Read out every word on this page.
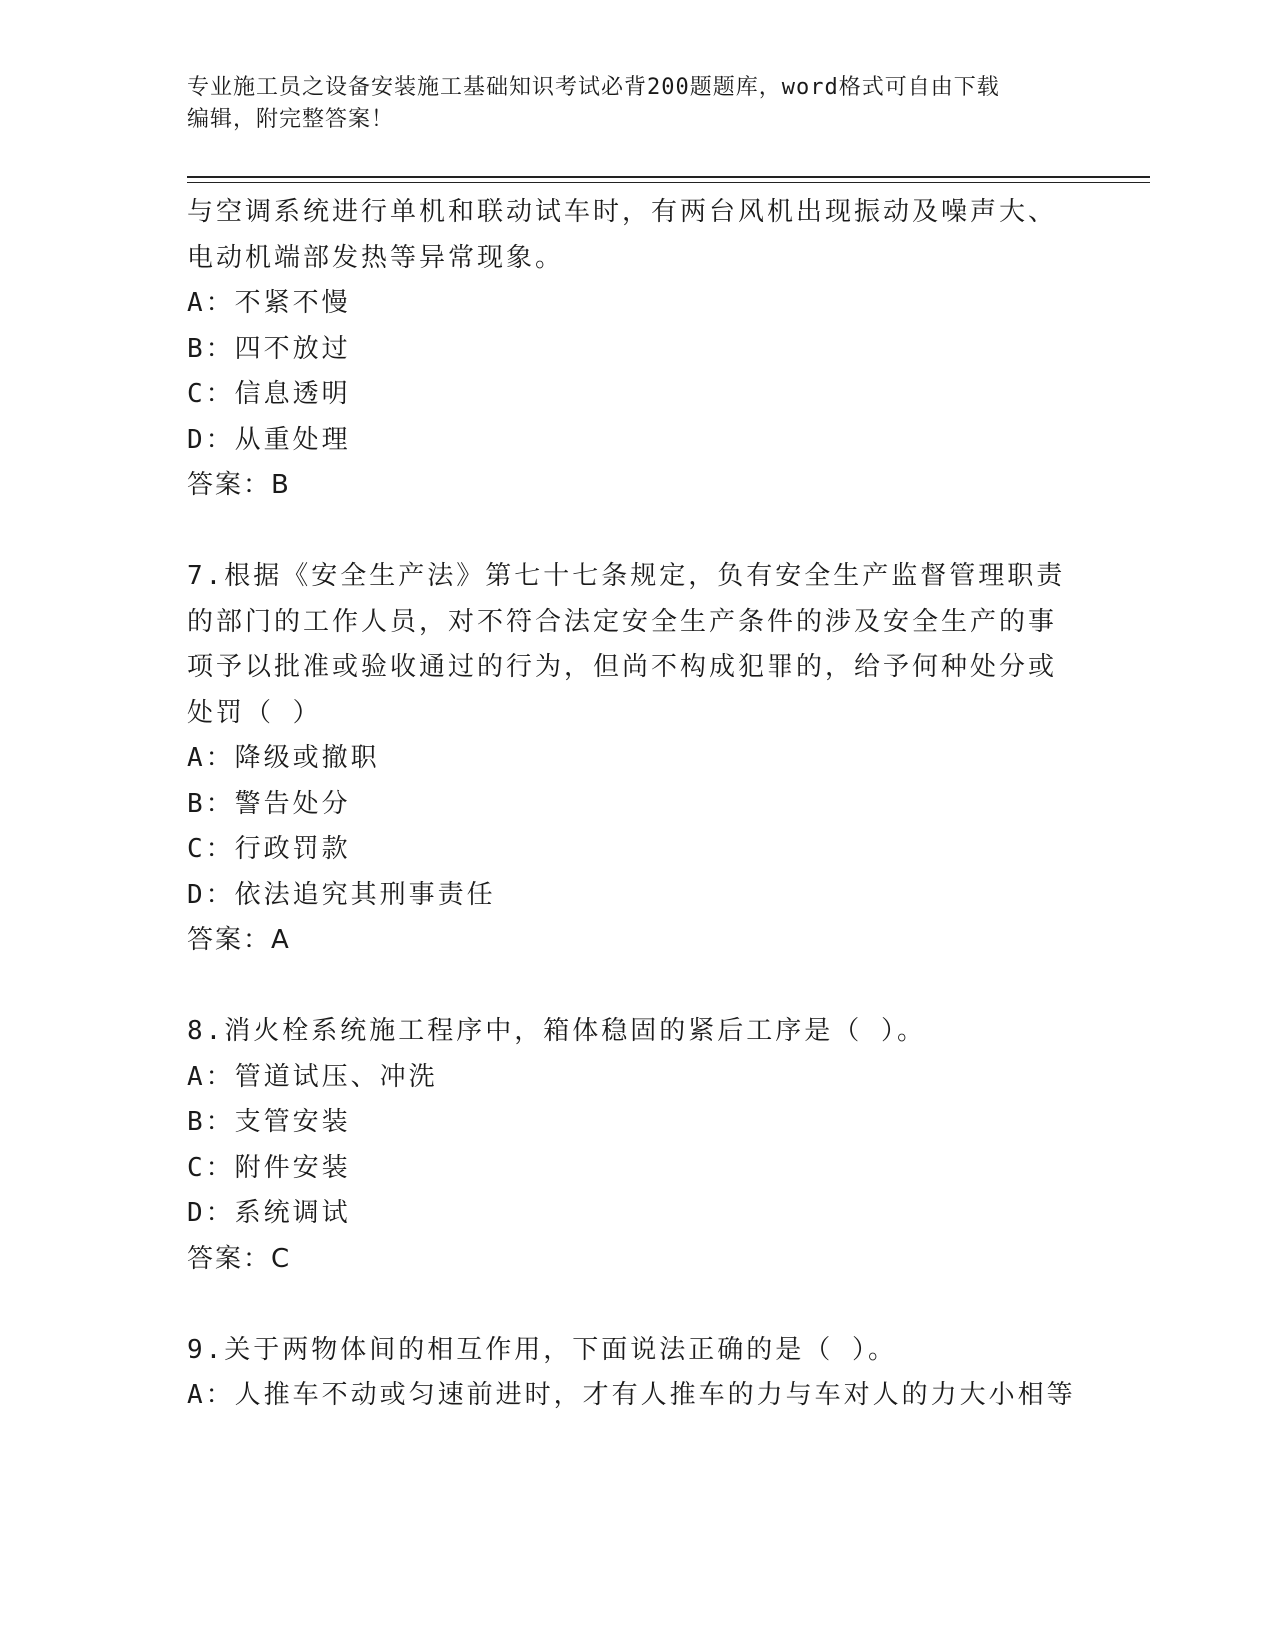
专业施工员之设备安装施工基础知识考试必背200题题库，word格式可自由下载
编辑，附完整答案！
与空调系统进行单机和联动试车时，有两台风机出现振动及噪声大、
电动机端部发热等异常现象。
A：不紧不慢
B：四不放过
C：信息透明
D：从重处理
答案：B
7.根据《安全生产法》第七十七条规定，负有安全生产监督管理职责
的部门的工作人员，对不符合法定安全生产条件的涉及安全生产的事
项予以批准或验收通过的行为，但尚不构成犯罪的，给予何种处分或
处罚（ ）
A：降级或撤职
B：警告处分
C：行政罚款
D：依法追究其刑事责任
答案：A
8.消火栓系统施工程序中，箱体稳固的紧后工序是（ ）。
A：管道试压、冲洗
B：支管安装
C：附件安装
D：系统调试
答案：C
9.关于两物体间的相互作用，下面说法正确的是（ ）。
A：人推车不动或匀速前进时，才有人推车的力与车对人的力大小相等
